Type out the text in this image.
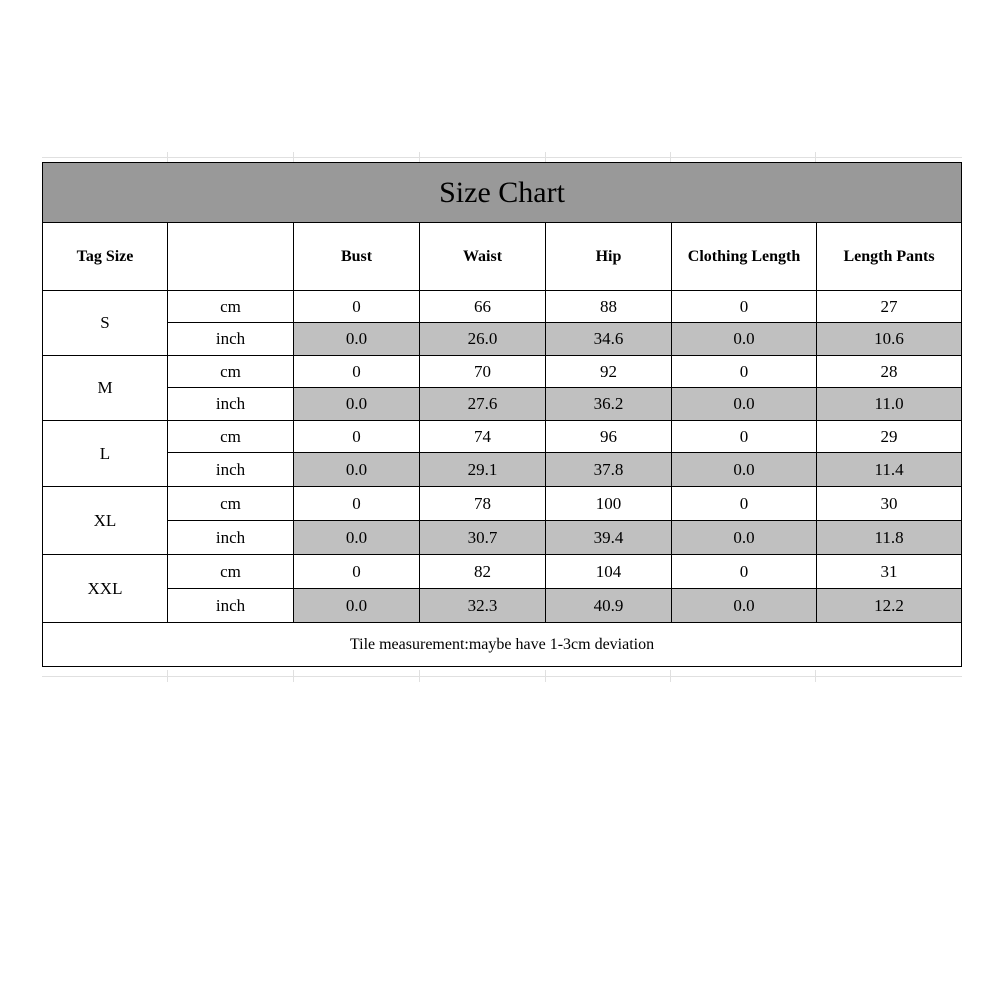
Size Chart						
Tag Size		Bust	Waist	Hip	Clothing Length	Length Pants
S	cm	0	66	88	0	27
	inch	0.0	26.0	34.6	0.0	10.6
M	cm	0	70	92	0	28
	inch	0.0	27.6	36.2	0.0	11.0
L	cm	0	74	96	0	29
	inch	0.0	29.1	37.8	0.0	11.4
XL	cm	0	78	100	0	30
	inch	0.0	30.7	39.4	0.0	11.8
XXL	cm	0	82	104	0	31
	inch	0.0	32.3	40.9	0.0	12.2
Tile measurement:maybe have 1-3cm deviation						
